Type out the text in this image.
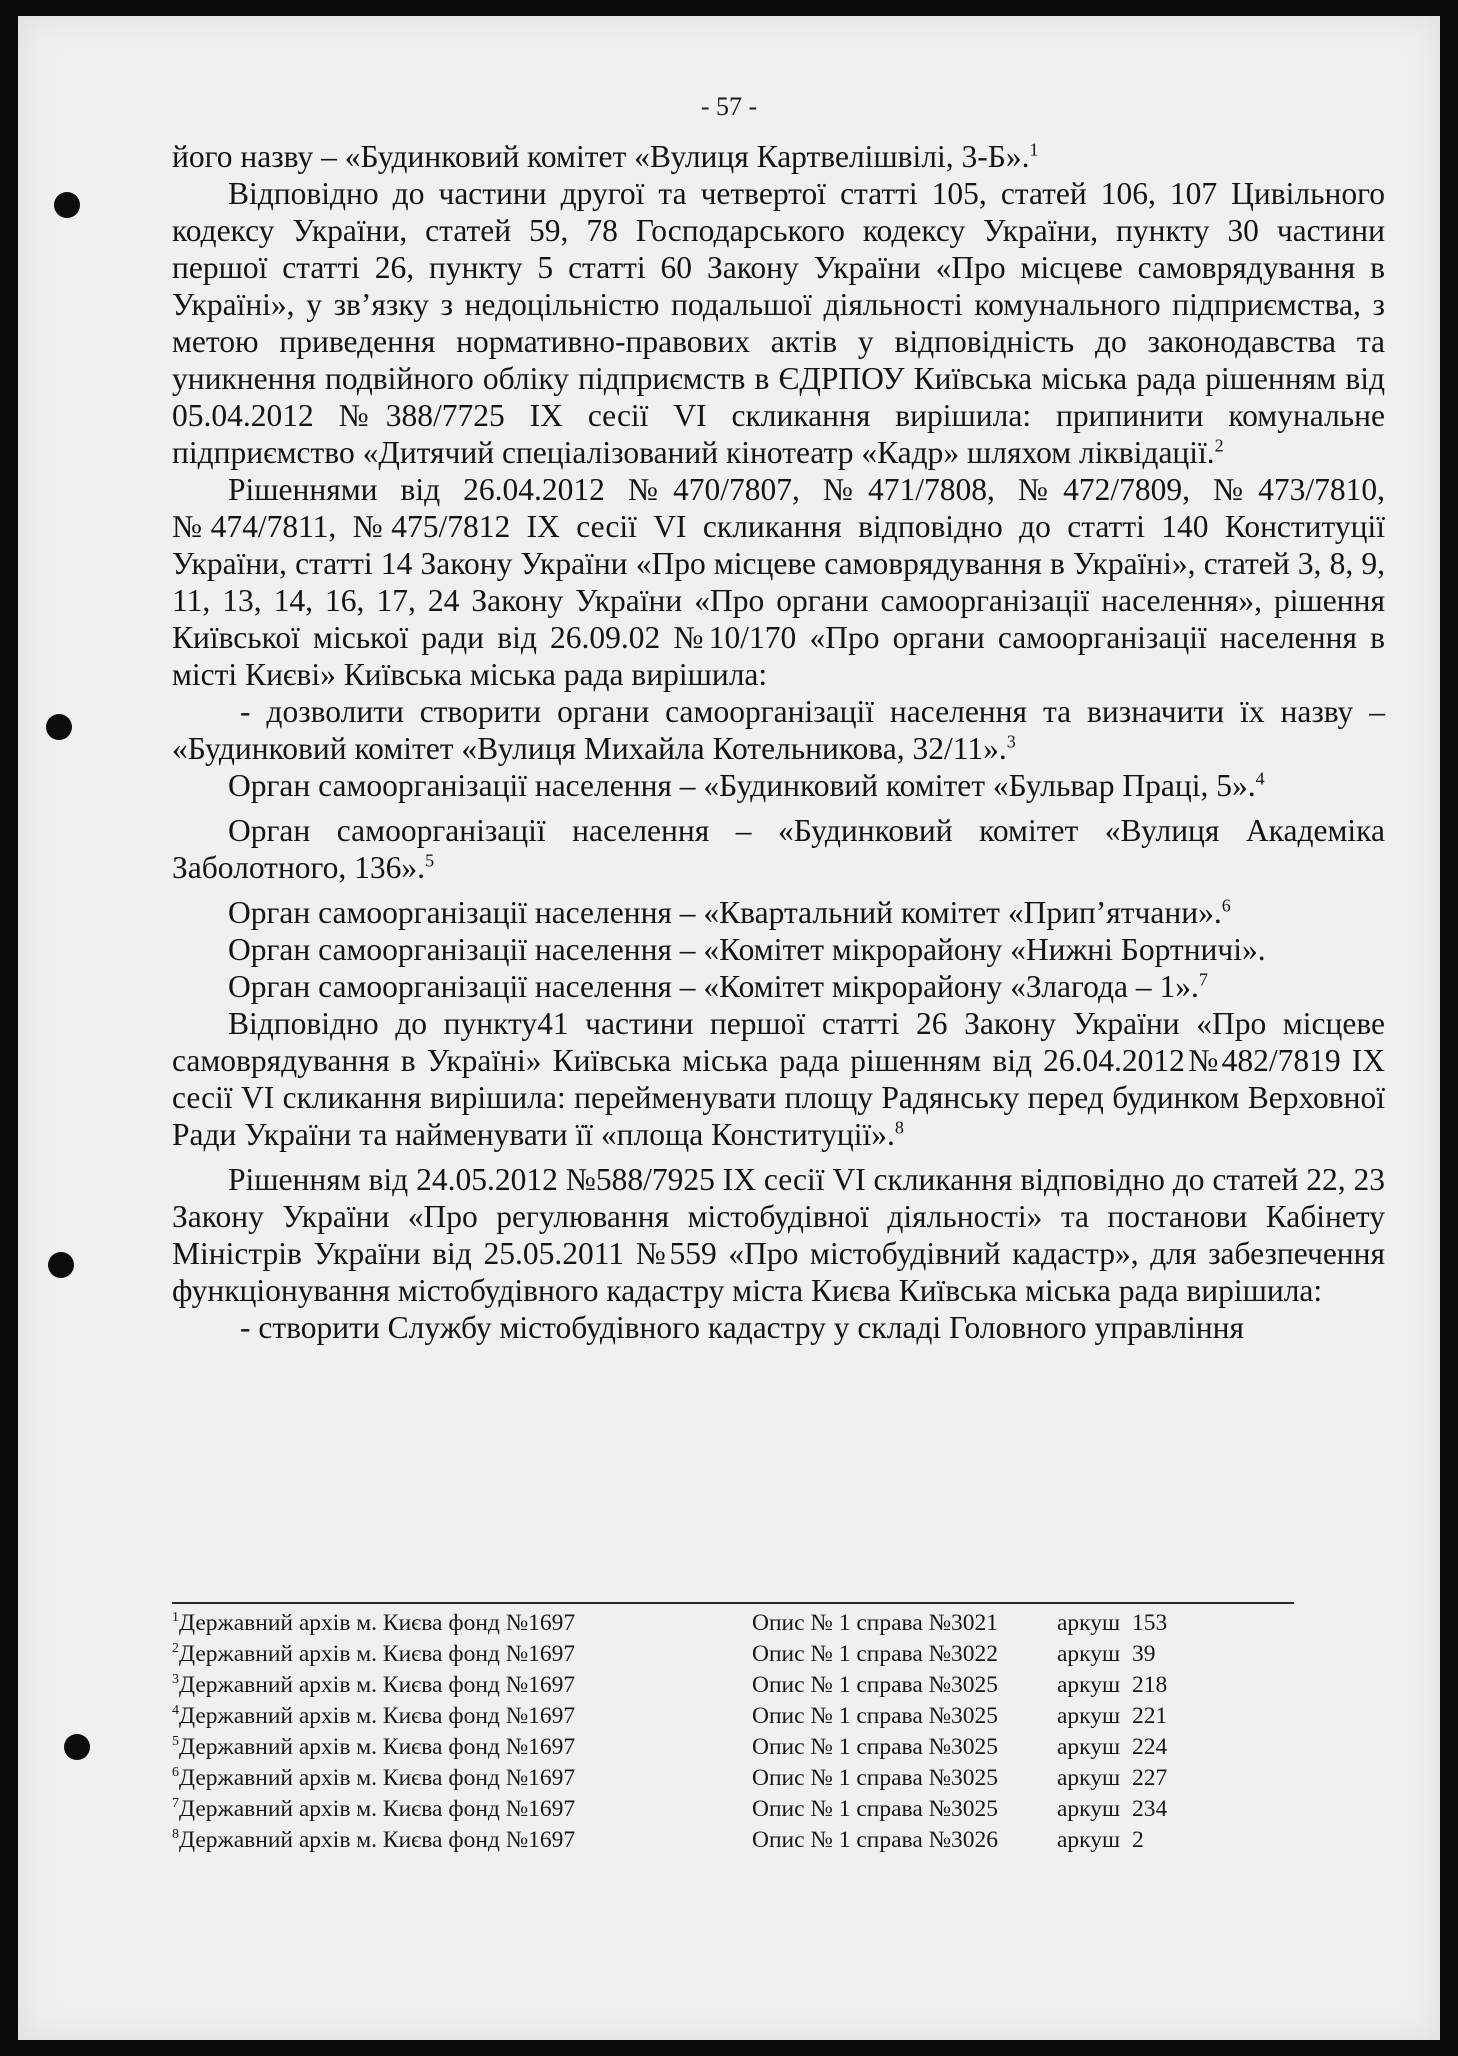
- 57 -

його назву – «Будинковий комітет «Вулиця Картвелішвілі, 3-Б».$^1$

Відповідно до частини другої та четвертої статті 105, статей 106, 107 Цивільного кодексу України, статей 59, 78 Господарського кодексу України, пункту 30 частини першої статті 26, пункту 5 статті 60 Закону України «Про місцеве самоврядування в Україні», у зв’язку з недоцільністю подальшої діяльності комунального підприємства, з метою приведення нормативно-правових актів у відповідність до законодавства та уникнення подвійного обліку підприємств в ЄДРПОУ Київська міська рада рішенням від 05.04.2012 №388/7725 IX сесії VI скликання вирішила: припинити комунальне підприємство «Дитячий спеціалізований кінотеатр «Кадр» шляхом ліквідації.$^2$

Рішеннями від 26.04.2012 №470/7807, №471/7808, №472/7809, №473/7810, №474/7811, №475/7812 IX сесії VI скликання відповідно до статті 140 Конституції України, статті 14 Закону України «Про місцеве самоврядування в Україні», статей 3, 8, 9, 11, 13, 14, 16, 17, 24 Закону України «Про органи самоорганізації населення», рішення Київської міської ради від 26.09.02 №10/170 «Про органи самоорганізації населення в місті Києві» Київська міська рада вирішила:

- дозволити створити органи самоорганізації населення та визначити їх назву – «Будинковий комітет «Вулиця Михайла Котельникова, 32/11».$^3$

Орган самоорганізації населення – «Будинковий комітет «Бульвар Праці, 5».$^4$

Орган самоорганізації населення – «Будинковий комітет «Вулиця Академіка Заболотного, 136».$^5$

Орган самоорганізації населення – «Квартальний комітет «Прип’ятчани».$^6$

Орган самоорганізації населення – «Комітет мікрорайону «Нижні Бортничі».

Орган самоорганізації населення – «Комітет мікрорайону «Злагода – 1».$^7$

Відповідно до пункту41 частини першої статті 26 Закону України «Про місцеве самоврядування в Україні» Київська міська рада рішенням від 26.04.2012№482/7819 IX сесії VI скликання вирішила: перейменувати площу Радянську перед будинком Верховної Ради України та найменувати її «площа Конституції».$^8$

Рішенням від 24.05.2012 №588/7925 IX сесії VI скликання відповідно до статей 22, 23 Закону України «Про регулювання містобудівної діяльності» та постанови Кабінету Міністрів України від 25.05.2011 №559 «Про містобудівний кадастр», для забезпечення функціонування містобудівного кадастру міста Києва Київська міська рада вирішила:

- створити Службу містобудівного кадастру у складі Головного управління

$^1$Державний архів м. Києва фонд №1697	Опис № 1 справа №3021	аркуш 153
$^2$Державний архів м. Києва фонд №1697	Опис № 1 справа №3022	аркуш 39
$^3$Державний архів м. Києва фонд №1697	Опис № 1 справа №3025	аркуш 218
$^4$Державний архів м. Києва фонд №1697	Опис № 1 справа №3025	аркуш 221
$^5$Державний архів м. Києва фонд №1697	Опис № 1 справа №3025	аркуш 224
$^6$Державний архів м. Києва фонд №1697	Опис № 1 справа №3025	аркуш 227
$^7$Державний архів м. Києва фонд №1697	Опис № 1 справа №3025	аркуш 234
$^8$Державний архів м. Києва фонд №1697	Опис № 1 справа №3026	аркуш 2
